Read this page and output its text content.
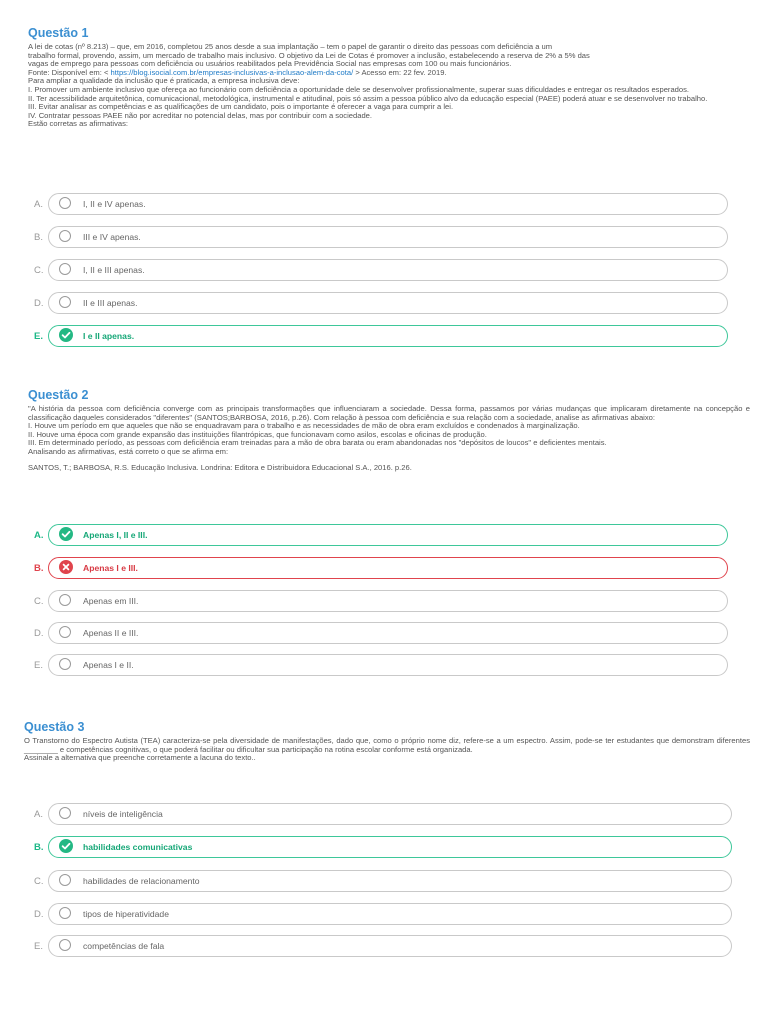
Questão 1

A lei de cotas (nº 8.213) – que, em 2016, completou 25 anos desde a sua implantação – tem o papel de garantir o direito das pessoas com deficiência a um

trabalho formal, provendo, assim, um mercado de trabalho mais inclusivo. O objetivo da Lei de Cotas é promover a inclusão, estabelecendo a reserva de 2% a 5% das

vagas de emprego para pessoas com deficiência ou usuários reabilitados pela Previdência Social nas empresas com 100 ou mais funcionários.

Fonte: Disponível em: < https://blog.isocial.com.br/empresas-inclusivas-a-inclusao-alem-da-cota/ > Acesso em: 22 fev. 2019.

Para ampliar a qualidade da inclusão que é praticada, a empresa inclusiva deve:

I. Promover um ambiente inclusivo que ofereça ao funcionário com deficiência a oportunidade dele se desenvolver profissionalmente, superar suas dificuldades e entregar os resultados esperados.

II. Ter acessibilidade arquitetônica, comunicacional, metodológica, instrumental e atitudinal, pois só assim a pessoa público alvo da educação especial (PAEE) poderá atuar e se desenvolver no trabalho.

III. Evitar analisar as competências e as qualificações de um candidato, pois o importante é oferecer a vaga para cumprir a lei.

IV. Contratar pessoas PAEE não por acreditar no potencial delas, mas por contribuir com a sociedade.

Estão corretas as afirmativas:

A.	I, II e IV apenas.
B.	III e IV apenas.
C.	I, II e III apenas.
D.	II e III apenas.
E.	I e II apenas.
Questão 2

"A história da pessoa com deficiência converge com as principais transformações que influenciaram a sociedade. Dessa forma, passamos por várias mudanças que implicaram diretamente na concepção e classificação daqueles considerados "diferentes" (SANTOS;BARBOSA, 2016, p.26). Com relação à pessoa com deficiência e sua relação com a sociedade, analise as afirmativas abaixo:

I. Houve um período em que aqueles que não se enquadravam para o trabalho e as necessidades de mão de obra eram excluídos e condenados à marginalização.

II. Houve uma época com grande expansão das instituições filantrópicas, que funcionavam como asilos, escolas e oficinas de produção.

III. Em determinado período, as pessoas com deficiência eram treinadas para a mão de obra barata ou eram abandonadas nos "depósitos de loucos" e deficientes mentais.

Analisando as afirmativas, está correto o que se afirma em:

SANTOS, T.; BARBOSA, R.S. Educação Inclusiva. Londrina: Editora e Distribuidora Educacional S.A., 2016. p.26.

A.	Apenas I, II e III.
B.	Apenas I e III.
C.	Apenas em III.
D.	Apenas II e III.
E.	Apenas I e II.
Questão 3

O Transtorno do Espectro Autista (TEA) caracteriza-se pela diversidade de manifestações, dado que, como o próprio nome diz, refere-se a um espectro. Assim, pode-se ter estudantes que demonstram diferentes ________ e competências cognitivas, o que poderá facilitar ou dificultar sua participação na rotina escolar conforme está organizada.

Assinale a alternativa que preenche corretamente a lacuna do texto..

A.	níveis de inteligência
B.	habilidades comunicativas
C.	habilidades de relacionamento
D.	tipos de hiperatividade
E.	competências de fala
